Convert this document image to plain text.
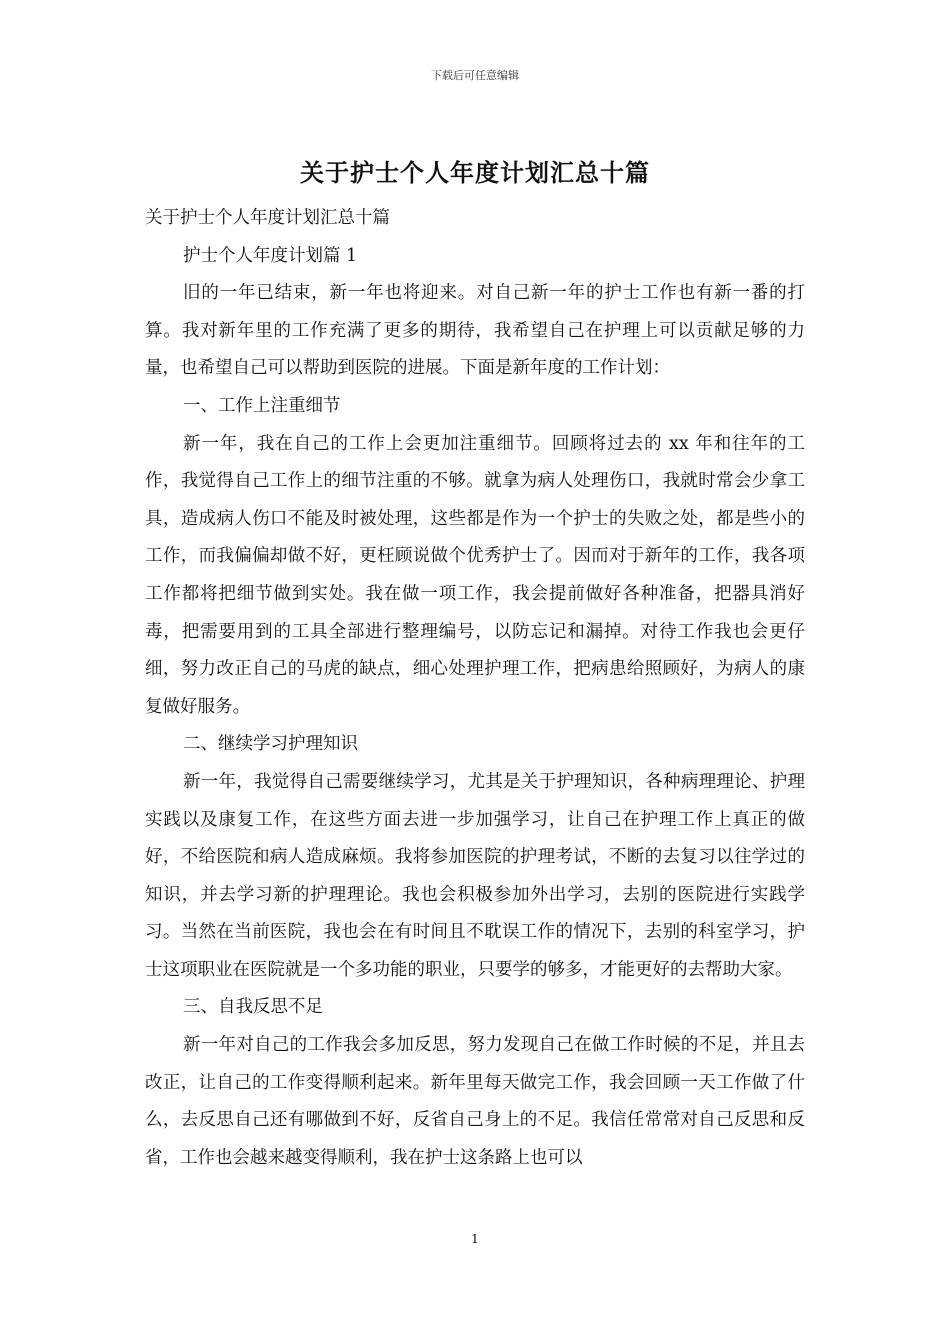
下载后可任意编辑
关于护士个人年度计划汇总十篇

关于护士个人年度计划汇总十篇

护士个人年度计划篇 1

旧的一年已结束，新一年也将迎来。对自己新一年的护士工作也有新一番的打算。我对新年里的工作充满了更多的期待，我希望自己在护理上可以贡献足够的力量，也希望自己可以帮助到医院的进展。下面是新年度的工作计划：

一、工作上注重细节

新一年，我在自己的工作上会更加注重细节。回顾将过去的 xx 年和往年的工作，我觉得自己工作上的细节注重的不够。就拿为病人处理伤口，我就时常会少拿工具，造成病人伤口不能及时被处理，这些都是作为一个护士的失败之处，都是些小的工作，而我偏偏却做不好，更枉顾说做个优秀护士了。因而对于新年的工作，我各项工作都将把细节做到实处。我在做一项工作，我会提前做好各种准备，把器具消好毒，把需要用到的工具全部进行整理编号，以防忘记和漏掉。对待工作我也会更仔细，努力改正自己的马虎的缺点，细心处理护理工作，把病患给照顾好，为病人的康复做好服务。

二、继续学习护理知识

新一年，我觉得自己需要继续学习，尤其是关于护理知识，各种病理理论、护理实践以及康复工作，在这些方面去进一步加强学习，让自己在护理工作上真正的做好，不给医院和病人造成麻烦。我将参加医院的护理考试，不断的去复习以往学过的知识，并去学习新的护理理论。我也会积极参加外出学习，去别的医院进行实践学习。当然在当前医院，我也会在有时间且不耽误工作的情况下，去别的科室学习，护士这项职业在医院就是一个多功能的职业，只要学的够多，才能更好的去帮助大家。

三、自我反思不足

新一年对自己的工作我会多加反思，努力发现自己在做工作时候的不足，并且去改正，让自己的工作变得顺利起来。新年里每天做完工作，我会回顾一天工作做了什么，去反思自己还有哪做到不好，反省自己身上的不足。我信任常常对自己反思和反省，工作也会越来越变得顺利，我在护士这条路上也可以

1
